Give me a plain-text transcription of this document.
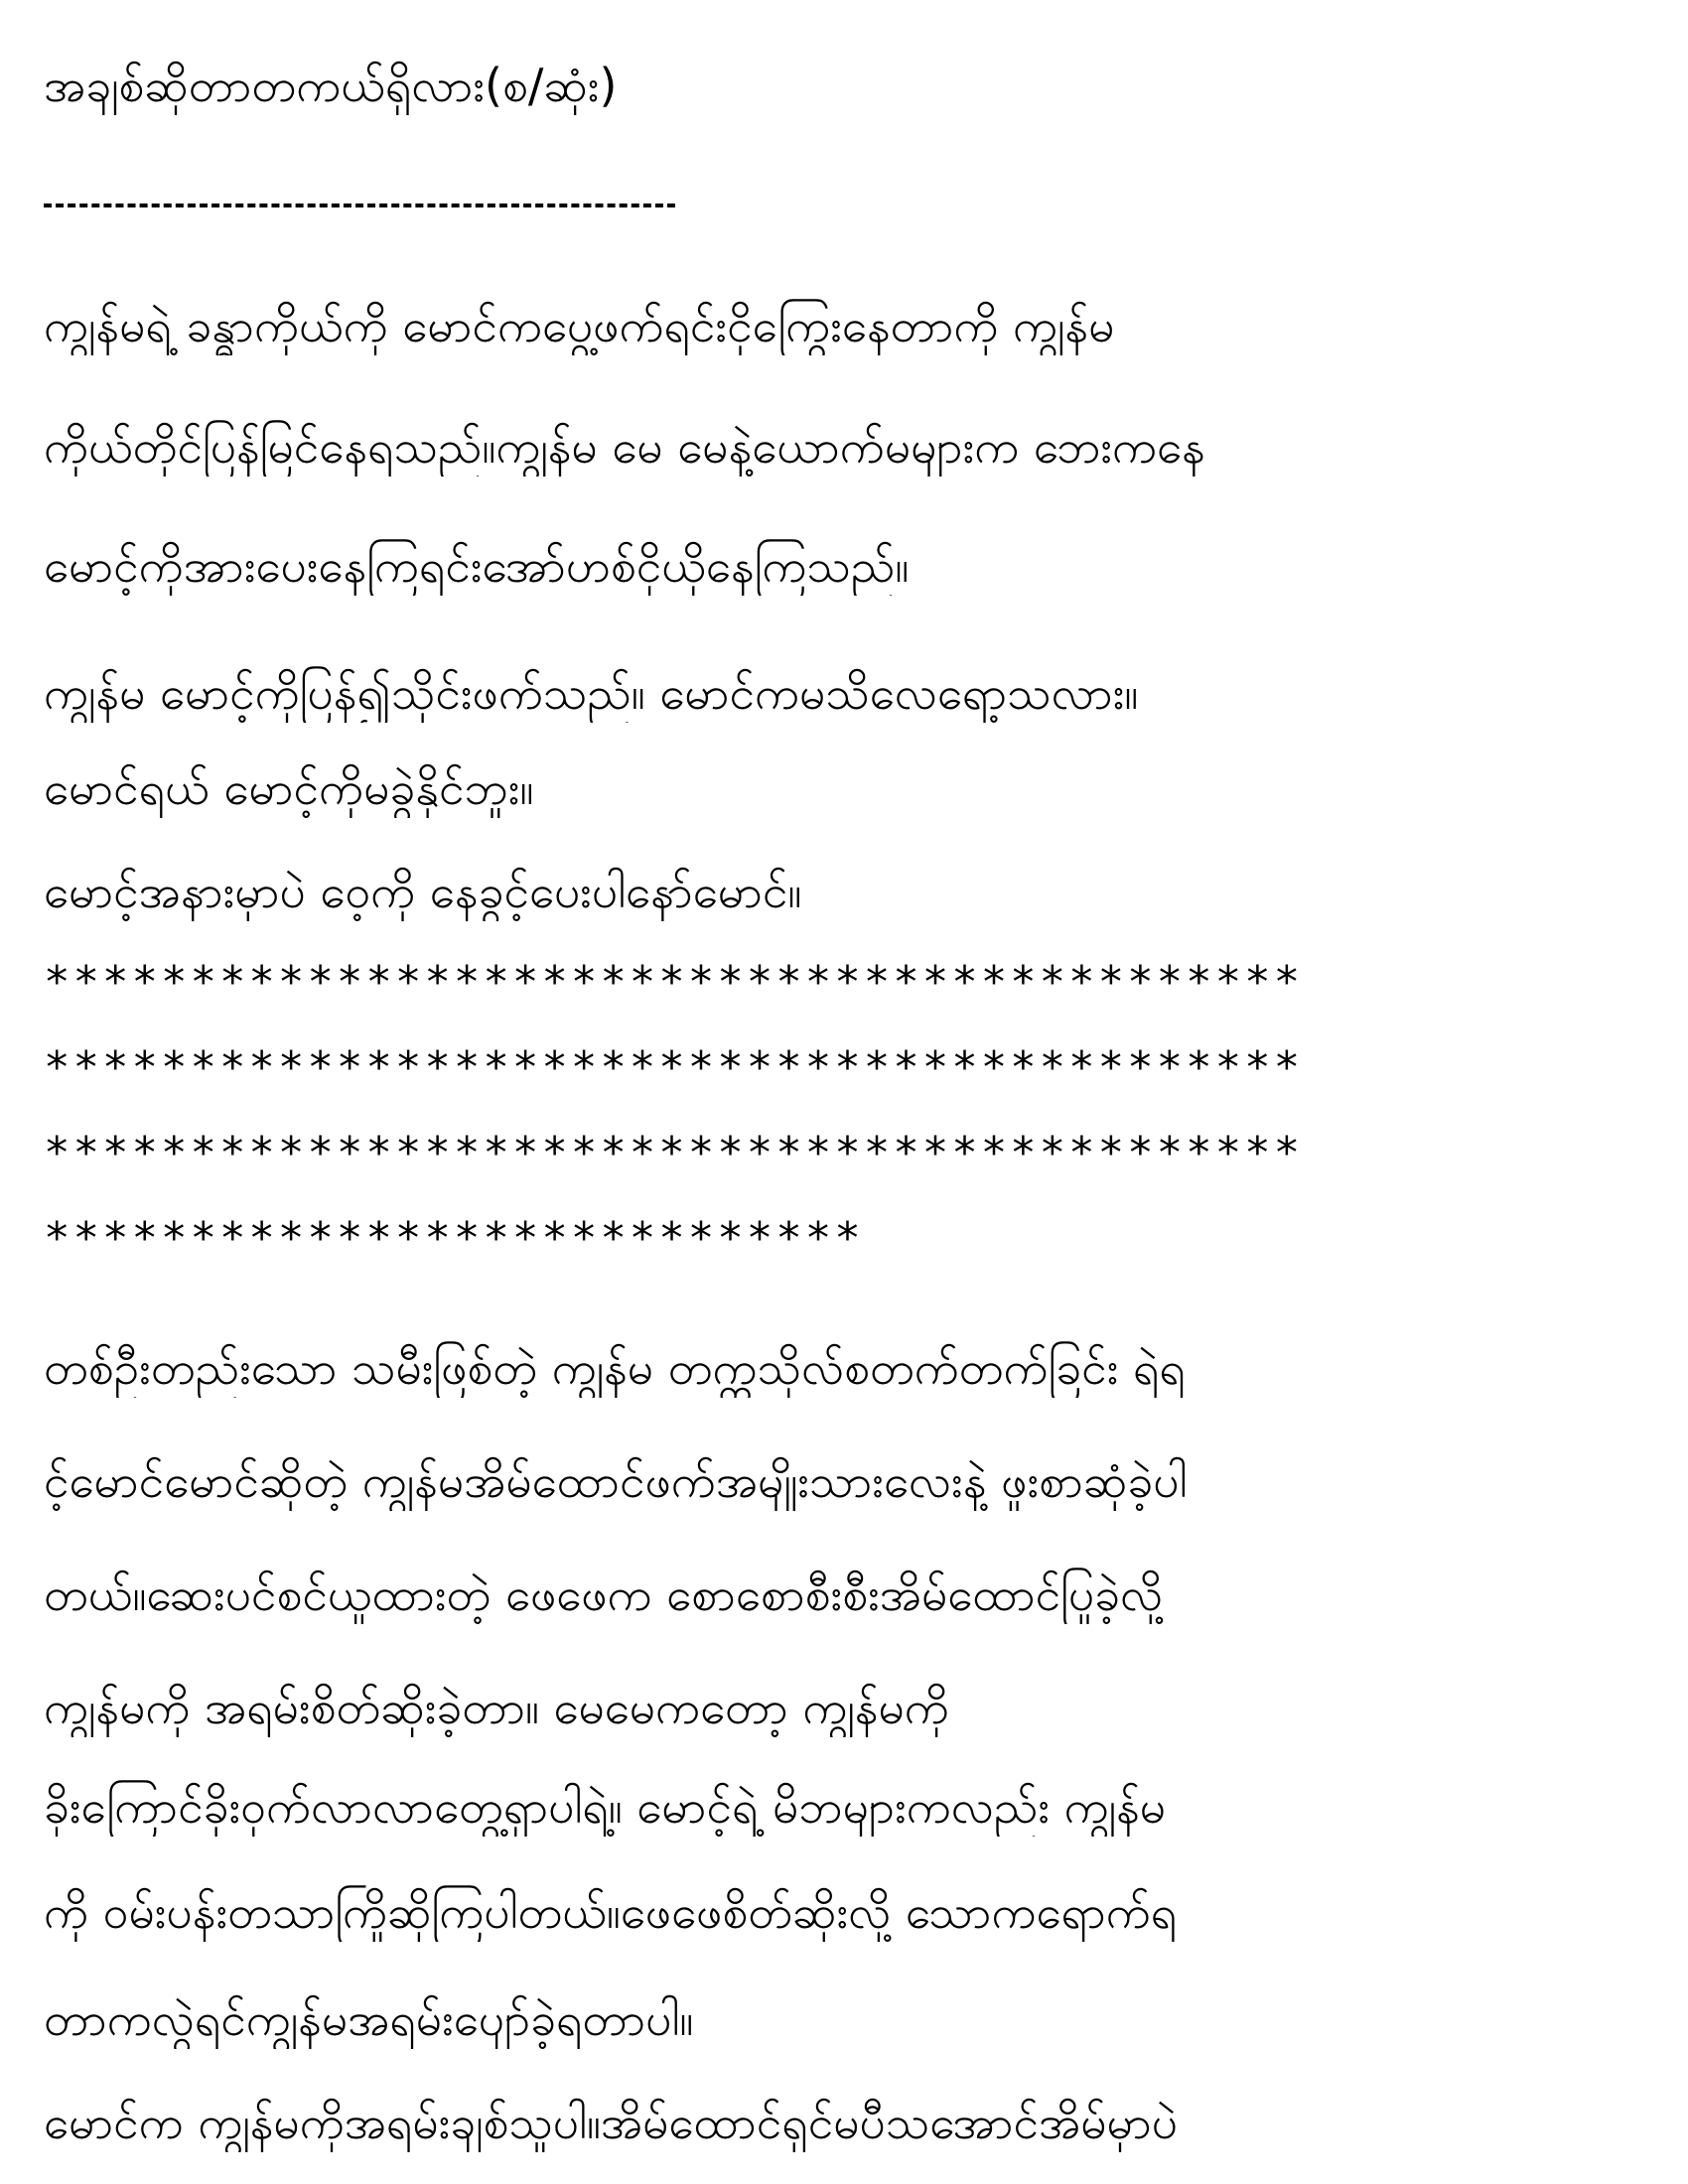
အချစ်ဆိုတာတကယ်ရှိလား(စ/ဆုံး)
ကျွန်မရဲ့ ခန္ဓာကိုယ်ကို မောင်ကပွေ့ဖက်ရင်းငိုကြွေးနေတာကို ကျွန်မ
ကိုယ်တိုင်ပြန်မြင်နေရသည်။ကျွန်မ မေ မေနဲ့ယောက်မများက ဘေးကနေ
မောင့်ကိုအားပေးနေကြရင်းအော်ဟစ်ငိုယိုနေကြသည်။
ကျွန်မ မောင့်ကိုပြန်၍သိုင်းဖက်သည်။ မောင်ကမသိလေရော့သလား။
မောင်ရယ် မောင့်ကိုမခွဲနိုင်ဘူး။
မောင့်အနားမှာပဲ ဝေ့ကို နေခွင့်ပေးပါနော်မောင်။
*******************************************
*******************************************
*******************************************
****************************
တစ်ဦးတည်းသော သမီးဖြစ်တဲ့ ကျွန်မ တက္ကသိုလ်စတက်တက်ခြင်း ရဲရ
င့်မောင်မောင်ဆိုတဲ့ ကျွန်မအိမ်ထောင်ဖက်အမျိုးသားလေးနဲ့ ဖူးစာဆုံခဲ့ပါ
တယ်။ဆေးပင်စင်ယူထားတဲ့ ဖေဖေက စောစောစီးစီးအိမ်ထောင်ပြုခဲ့လို့
ကျွန်မကို အရမ်းစိတ်ဆိုးခဲ့တာ။ မေမေကတော့ ကျွန်မကို
ခိုးကြောင်ခိုးဝှက်လာလာတွေ့ရှာပါရဲ့။ မောင့်ရဲ့ မိဘများကလည်း ကျွန်မ
ကို ဝမ်းပန်းတသာကြိုဆိုကြပါတယ်။ဖေဖေစိတ်ဆိုးလို့ သောကရောက်ရ
တာကလွဲရင်ကျွန်မအရမ်းပျော်ခဲ့ရတာပါ။
မောင်က ကျွန်မကိုအရမ်းချစ်သူပါ။အိမ်ထောင်ရှင်မပီသအောင်အိမ်မှာပဲ
